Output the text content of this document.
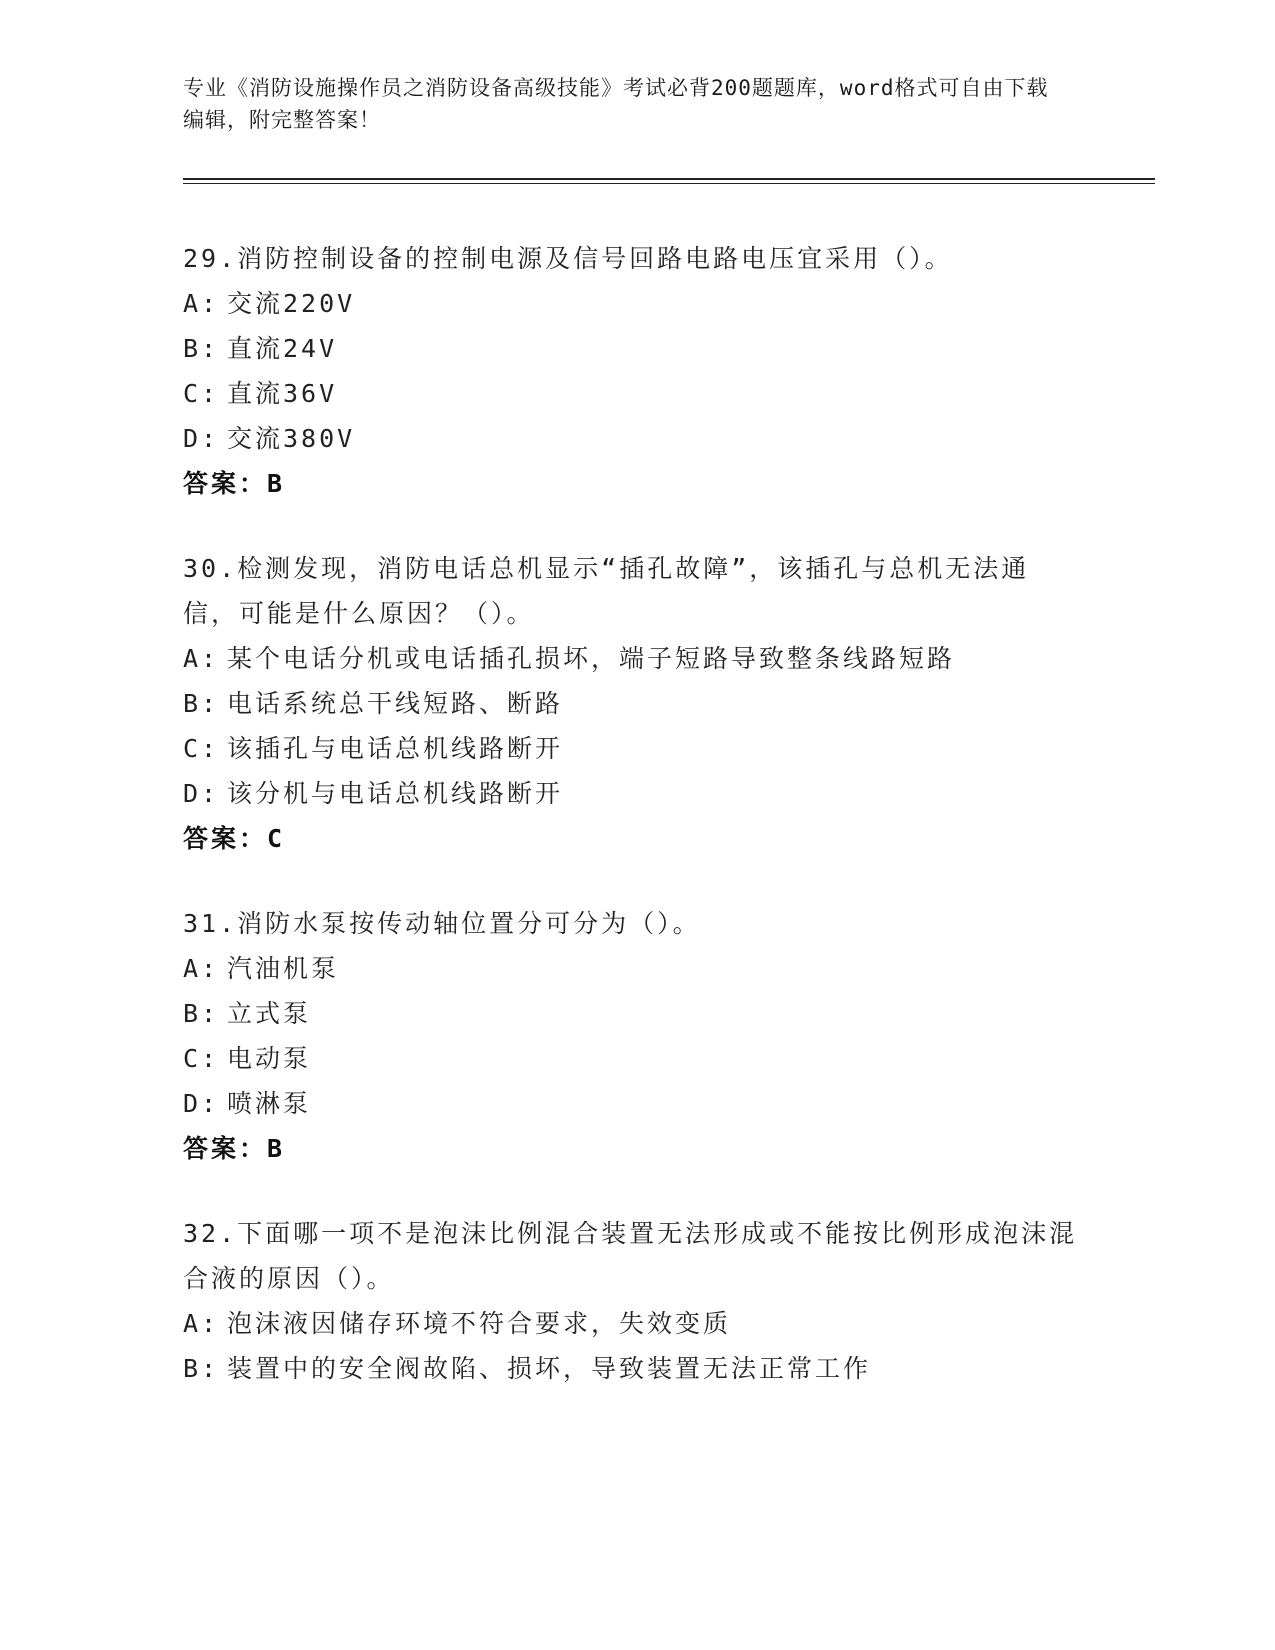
专业《消防设施操作员之消防设备高级技能》考试必背200题题库，word格式可自由下载编辑，附完整答案！

29.消防控制设备的控制电源及信号回路电路电压宜采用（）。

A: 交流220V

B: 直流24V

C: 直流36V

D: 交流380V

答案：B

30.检测发现，消防电话总机显示“插孔故障”，该插孔与总机无法通信，可能是什么原因？（）。

A: 某个电话分机或电话插孔损坏，端子短路导致整条线路短路

B: 电话系统总干线短路、断路

C: 该插孔与电话总机线路断开

D: 该分机与电话总机线路断开

答案：C

31.消防水泵按传动轴位置分可分为（）。

A: 汽油机泵

B: 立式泵

C: 电动泵

D: 喷淋泵

答案：B

32.下面哪一项不是泡沫比例混合装置无法形成或不能按比例形成泡沫混合液的原因（）。

A: 泡沫液因储存环境不符合要求，失效变质

B: 装置中的安全阀故陷、损坏，导致装置无法正常工作
